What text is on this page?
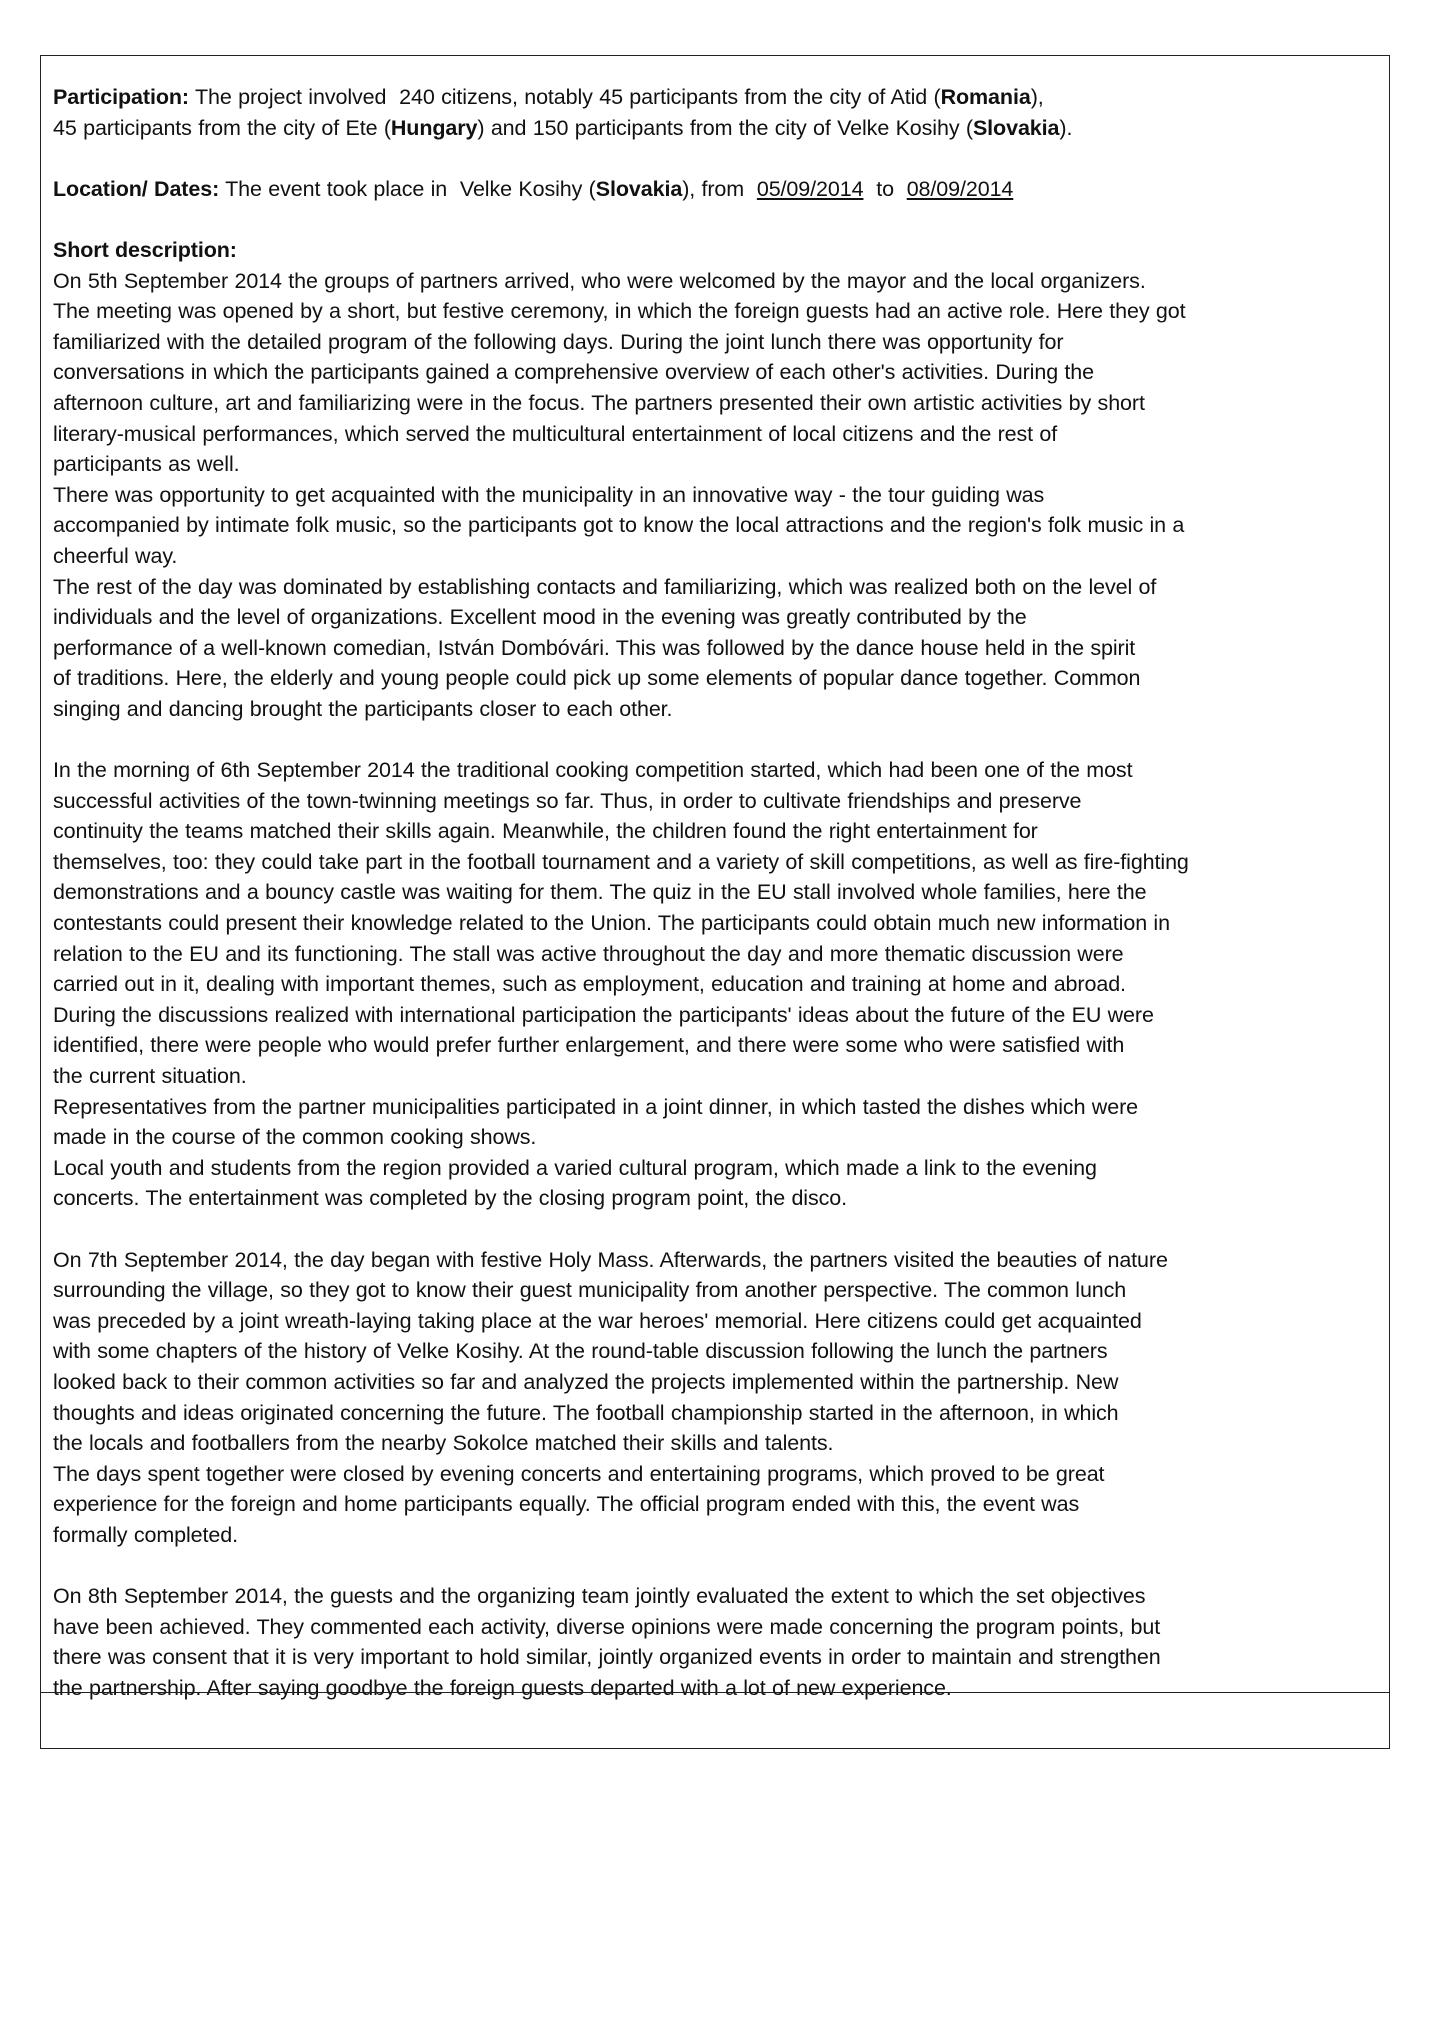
Participation: The project involved  240 citizens, notably 45 participants from the city of Atid (Romania),
45 participants from the city of Ete (Hungary) and 150 participants from the city of Velke Kosihy (Slovakia).
Location/ Dates: The event took place in  Velke Kosihy (Slovakia), from  05/09/2014  to  08/09/2014
Short description:
On 5th September 2014 the groups of partners arrived, who were welcomed by the mayor and the local organizers.
The meeting was opened by a short, but festive ceremony, in which the foreign guests had an active role. Here they got
familiarized with the detailed program of the following days. During the joint lunch there was opportunity for
conversations in which the participants gained a comprehensive overview of each other's activities. During the
afternoon culture, art and familiarizing were in the focus. The partners presented their own artistic activities by short
literary-musical performances, which served the multicultural entertainment of local citizens and the rest of
participants as well.
There was opportunity to get acquainted with the municipality in an innovative way - the tour guiding was
accompanied by intimate folk music, so the participants got to know the local attractions and the region's folk music in a
cheerful way.
The rest of the day was dominated by establishing contacts and familiarizing, which was realized both on the level of
individuals and the level of organizations. Excellent mood in the evening was greatly contributed by the
performance of a well-known comedian, István Dombóvári. This was followed by the dance house held in the spirit
of traditions. Here, the elderly and young people could pick up some elements of popular dance together. Common
singing and dancing brought the participants closer to each other.
In the morning of 6th September 2014 the traditional cooking competition started, which had been one of the most
successful activities of the town-twinning meetings so far. Thus, in order to cultivate friendships and preserve
continuity the teams matched their skills again. Meanwhile, the children found the right entertainment for
themselves, too: they could take part in the football tournament and a variety of skill competitions, as well as fire-fighting
demonstrations and a bouncy castle was waiting for them. The quiz in the EU stall involved whole families, here the
contestants could present their knowledge related to the Union. The participants could obtain much new information in
relation to the EU and its functioning. The stall was active throughout the day and more thematic discussion were
carried out in it, dealing with important themes, such as employment, education and training at home and abroad.
During the discussions realized with international participation the participants' ideas about the future of the EU were
identified, there were people who would prefer further enlargement, and there were some who were satisfied with
the current situation.
Representatives from the partner municipalities participated in a joint dinner, in which tasted the dishes which were
made in the course of the common cooking shows.
Local youth and students from the region provided a varied cultural program, which made a link to the evening
concerts. The entertainment was completed by the closing program point, the disco.
On 7th September 2014, the day began with festive Holy Mass. Afterwards, the partners visited the beauties of nature
surrounding the village, so they got to know their guest municipality from another perspective. The common lunch
was preceded by a joint wreath-laying taking place at the war heroes' memorial. Here citizens could get acquainted
with some chapters of the history of Velke Kosihy. At the round-table discussion following the lunch the partners
looked back to their common activities so far and analyzed the projects implemented within the partnership. New
thoughts and ideas originated concerning the future. The football championship started in the afternoon, in which
the locals and footballers from the nearby Sokolce matched their skills and talents.
The days spent together were closed by evening concerts and entertaining programs, which proved to be great
experience for the foreign and home participants equally. The official program ended with this, the event was
formally completed.
On 8th September 2014, the guests and the organizing team jointly evaluated the extent to which the set objectives
have been achieved. They commented each activity, diverse opinions were made concerning the program points, but
there was consent that it is very important to hold similar, jointly organized events in order to maintain and strengthen
the partnership. After saying goodbye the foreign guests departed with a lot of new experience.
